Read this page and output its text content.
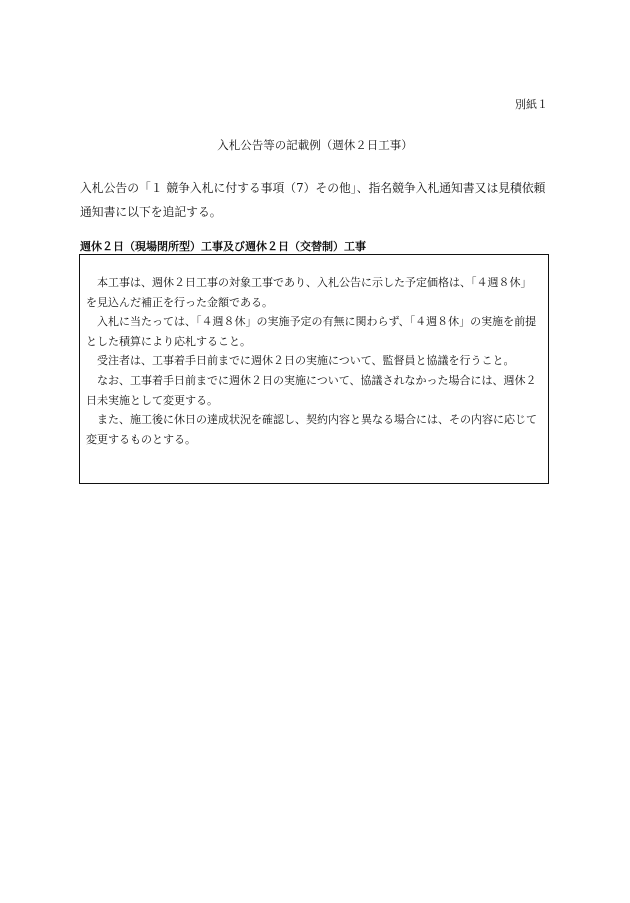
別紙１
入札公告等の記載例（週休２日工事）

入札公告の「１ 競争入札に付する事項（7）その他」、指名競争入札通知書又は見積依頼通知書に以下を追記する。

週休２日（現場閉所型）工事及び週休２日（交替制）工事

本工事は、週休２日工事の対象工事であり、入札公告に示した予定価格は、「４週８休」を見込んだ補正を行った金額である。

入札に当たっては、「４週８休」の実施予定の有無に関わらず、「４週８休」の実施を前提とした積算により応札すること。

受注者は、工事着手日前までに週休２日の実施について、監督員と協議を行うこと。

なお、工事着手日前までに週休２日の実施について、協議されなかった場合には、週休２日未実施として変更する。

また、施工後に休日の達成状況を確認し、契約内容と異なる場合には、その内容に応じて変更するものとする。
